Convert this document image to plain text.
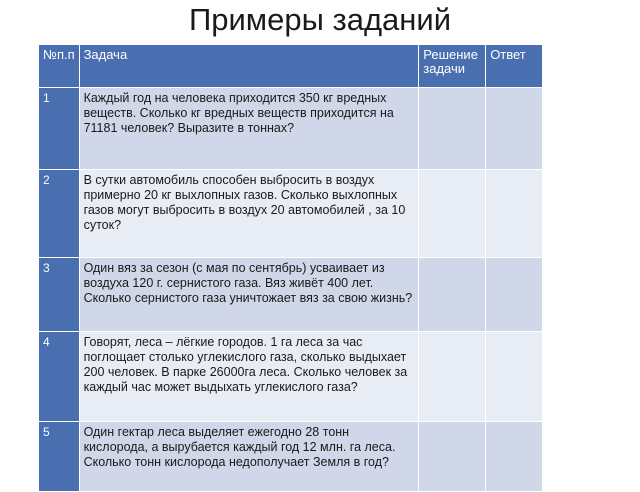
Примеры заданий
№п.п	Задача	Решение задачи	Ответ
1	Каждый год на человека приходится 350 кг вредных веществ. Сколько кг вредных веществ приходится на 71181 человек? Выразите в тоннах?		
2	В сутки автомобиль способен выбросить в воздух примерно 20 кг выхлопных газов. Сколько выхлопных газов могут выбросить в воздух 20 автомобилей , за 10 суток?		
3	Один вяз за сезон (с мая по сентябрь) усваивает из воздуха 120 г. сернистого газа. Вяз живёт 400 лет. Сколько сернистого газа уничтожает вяз за свою жизнь?		
4	Говорят, леса – лёгкие городов. 1 га леса за час поглощает столько углекислого газа, сколько выдыхает 200 человек. В парке 26000га леса. Сколько человек за каждый час может выдыхать углекислого газа?		
5	Один гектар леса выделяет ежегодно 28 тонн кислорода, а вырубается каждый год 12 млн. га леса. Сколько тонн кислорода недополучает Земля в год?		
